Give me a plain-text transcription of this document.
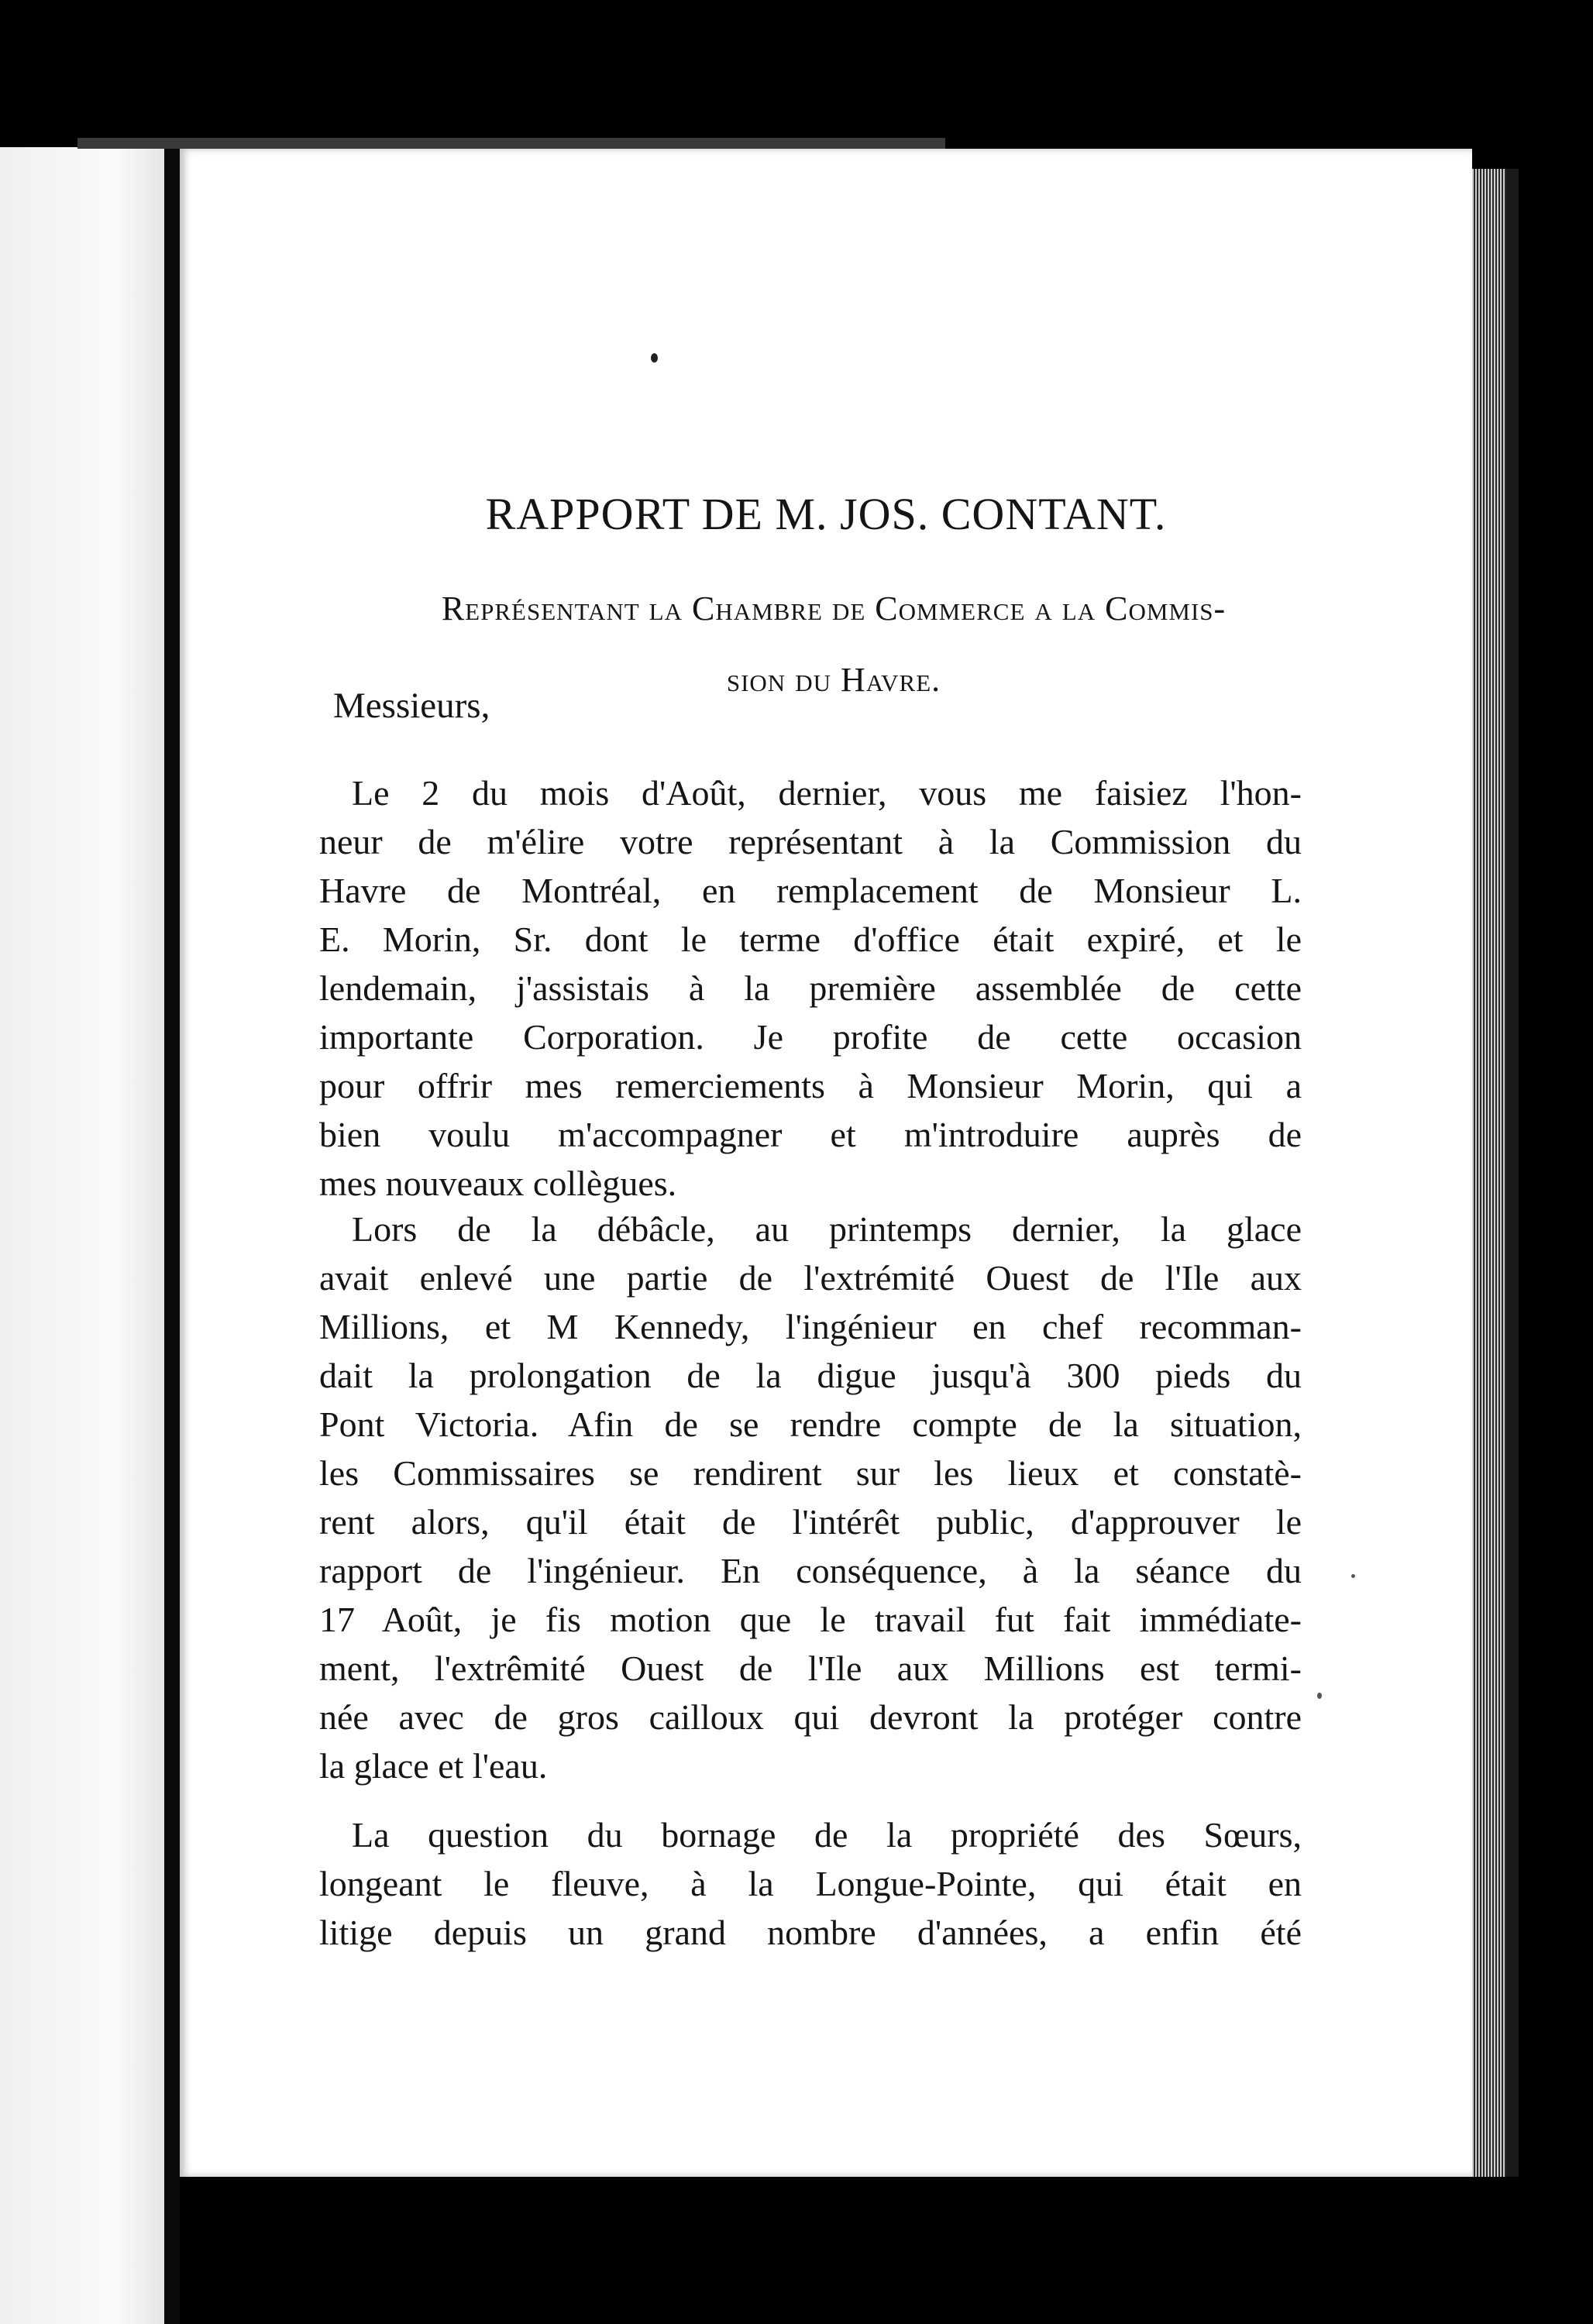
RAPPORT DE M. JOS. CONTANT.
Représentant la Chambre de Commerce a la Commis-
sion du Havre.
Messieurs,
Le 2 du mois d'Août, dernier, vous me faisiez l'hon-
neur de m'élire votre représentant à la Commission du
Havre de Montréal, en remplacement de Monsieur L.
E. Morin, Sr. dont le terme d'office était expiré, et le
lendemain, j'assistais à la première assemblée de cette
importante Corporation. Je profite de cette occasion
pour offrir mes remerciements à Monsieur Morin, qui a
bien voulu m'accompagner et m'introduire auprès de
mes nouveaux collègues.
Lors de la débâcle, au printemps dernier, la glace
avait enlevé une partie de l'extrémité Ouest de l'Ile aux
Millions, et M Kennedy, l'ingénieur en chef recomman-
dait la prolongation de la digue jusqu'à 300 pieds du
Pont Victoria. Afin de se rendre compte de la situation,
les Commissaires se rendirent sur les lieux et constatè-
rent alors, qu'il était de l'intérêt public, d'approuver le
rapport de l'ingénieur. En conséquence, à la séance du
17 Août, je fis motion que le travail fut fait immédiate-
ment, l'extrêmité Ouest de l'Ile aux Millions est termi-
née avec de gros cailloux qui devront la protéger contre
la glace et l'eau.
La question du bornage de la propriété des Sœurs,
longeant le fleuve, à la Longue-Pointe, qui était en
litige depuis un grand nombre d'années, a enfin été
